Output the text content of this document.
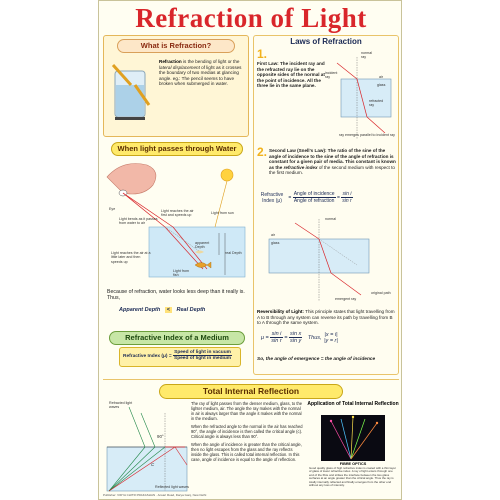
Refraction of Light
What is Refraction?
Refraction is the bending of light or the lateral displacement of light as it crosses the boundary of two medias at glancing angle. eg.: The pencil seems to have broken when submerged in water.
When light passes through Water
Eye
Light bends as it passes from water to air
Light reaches the air first and speeds up
Light from sun
apparent Depth
real Depth
Light reaches the air at a little later and then speeds up
Light from fish
Because of refraction, water looks less deep than it really is. Thus,
Apparent Depth < Real Depth
Refractive Index of a Medium
Refractive Index $(\mu) = \frac{\text{Speed of light in vacuum}}{\text{Speed of light in medium}}$
Laws of Refraction
1.
First Law: The incident ray and the refracted ray lie on the opposite sides of the normal at the point of incidence. All the three lie in the same plane.
normal ray
incident ray	air
glass
refracted ray
ray emerges parallel to incident ray
2. Second Law (Snell's Law): The ratio of the sine of the angle of incidence to the sine of the angle of refraction is constant for a given pair of media. This constant is known as the refractive index of the second medium with respect to the first medium.
Refractive Index (μ)	= $\frac{\text{Angle of incidence}}{\text{Angle of refraction}} = \frac{\text{sin i}}{\text{sin r}}$
normal
air
glass
emergent ray
original path
Reversibility of Light: This principle states that light travelling from A to B through any system can reverse its path by travelling from B to A through the same system.
$\mu = \frac{\text{sin i}}{\text{sin r}} = \frac{\text{sin x}}{\text{sin y}}$ Thus,
|x = i|
|y = r|
So, the angle of emergence = the angle of incidence
Total Internal Reflection
Refracted light waves
90°
C
Reflected light waves

The ray of light passes from the denser medium, glass, to the lighter medium, air. The angle the ray makes with the normal in air is always larger than the angle it makes with the normal in the medium.

When the refracted angle to the normal in the air has reached 90°, the angle of incidence is then called the critical angle (c). Critical angle is always less than 90°.

When the angle of incidence is greater than the critical angle, then no light escapes from the glass and the ray reflects inside the glass. This is called total internal reflection. In this case, angle of incidence is equal to the angle of reflection.

Application of Total Internal Reflection
FIBRE OPTICS
Good quality glass of high refractive index is coated with a thin layer of glass of lower refractive index. A ray of light enters through one end of the fibre and strikes the interface between the two glass surfaces at an angle greater than the critical angle. Thus the ray is totally internally reflected and finally emerges from the other end without any loss of intensity.
Publisher: VIDYA CHITR PRAKASHAN · Ansari Road, Darya Ganj, New Delhi
